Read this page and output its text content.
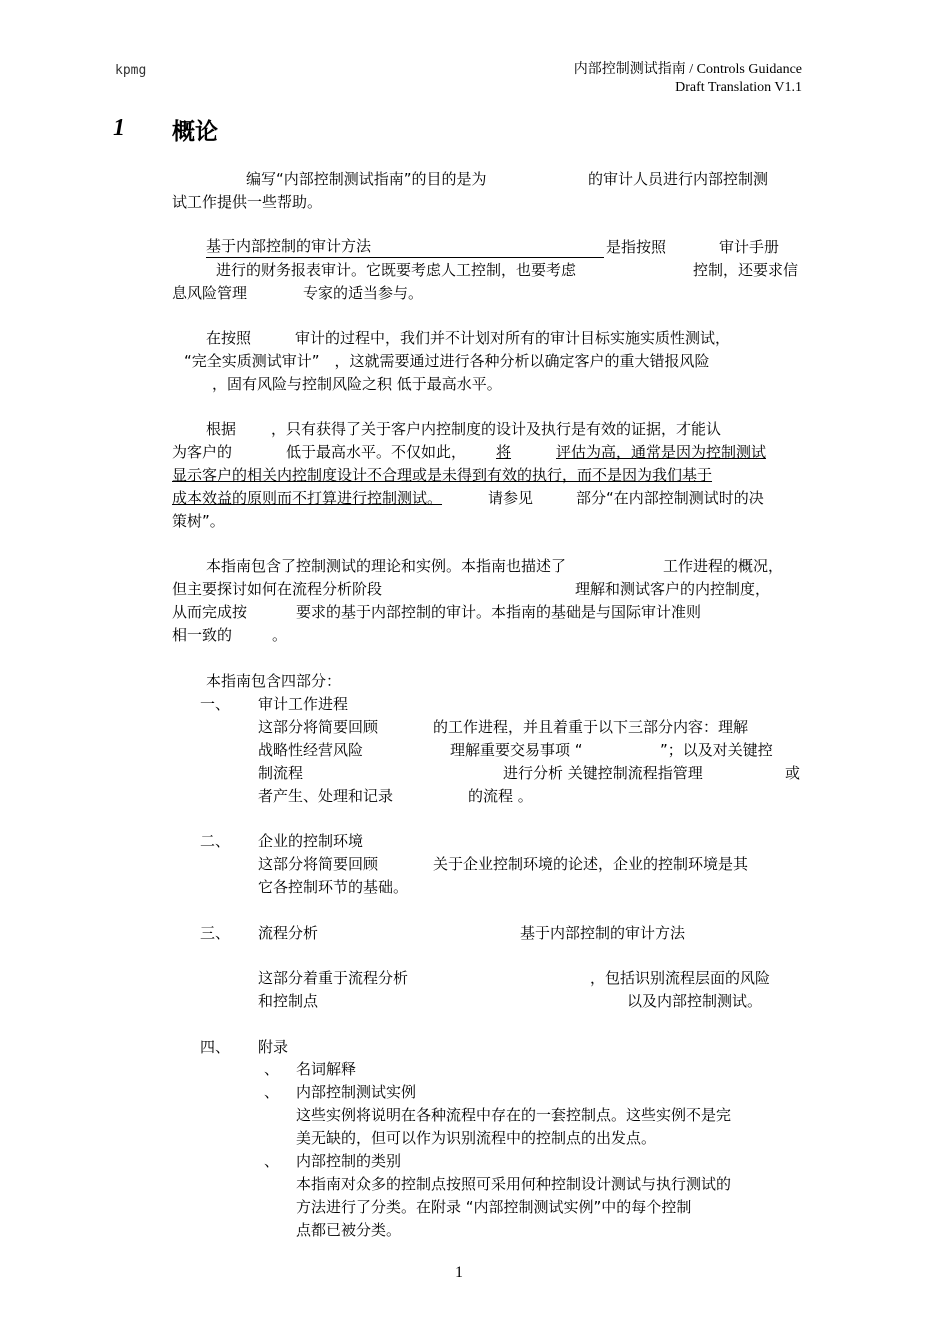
kpmg	内部控制测试指南 / Controls Guidance
Draft Translation V1.1
1 概论
编写“内部控制测试指南”的目的是为	的审计人员进行内部控制测
试工作提供一些帮助。
基于内部控制的审计方法	是指按照	审计手册
进行的财务报表审计。它既要考虑人工控制，也要考虑	控制，还要求信
息风险管理	专家的适当参与。
在按照	审计的过程中，我们并不计划对所有的审计目标实施实质性测试，
“完全实质测试审计”　，这就需要通过进行各种分析以确定客户的重大错报风险
，固有风险与控制风险之积 低于最高水平。
根据 ，只有获得了关于客户内控制度的设计及执行是有效的证据，才能认
为客户的	低于最高水平。不仅如此， 将	评估为高，通常是因为控制测试
显示客户的相关内控制度设计不合理或是未得到有效的执行，而不是因为我们基于
成本效益的原则而不打算进行控制测试。	请参见	部分“在内部控制测试时的决
策树”。
本指南包含了控制测试的理论和实例。本指南也描述了	工作进程的概况，
但主要探讨如何在流程分析阶段	理解和测试客户的内控制度，
从而完成按	要求的基于内部控制的审计。本指南的基础是与国际审计准则
相一致的	。
本指南包含四部分：
一、 审计工作进程
这部分将简要回顾	的工作进程，并且着重于以下三部分内容：理解
战略性经营风险	理解重要交易事项 “	”；以及对关键控
制流程	进行分析 关键控制流程指管理	或
者产生、处理和记录	的流程 。
二、 企业的控制环境
这部分将简要回顾	关于企业控制环境的论述，企业的控制环境是其
它各控制环节的基础。
三、 流程分析	基于内部控制的审计方法
这部分着重于流程分析	，包括识别流程层面的风险
和控制点	以及内部控制测试。
四、 附录
、 名词解释
、 内部控制测试实例
这些实例将说明在各种流程中存在的一套控制点。这些实例不是完
美无缺的，但可以作为识别流程中的控制点的出发点。
、 内部控制的类别
本指南对众多的控制点按照可采用何种控制设计测试与执行测试的
方法进行了分类。在附录 “内部控制测试实例”中的每个控制
点都已被分类。
1
